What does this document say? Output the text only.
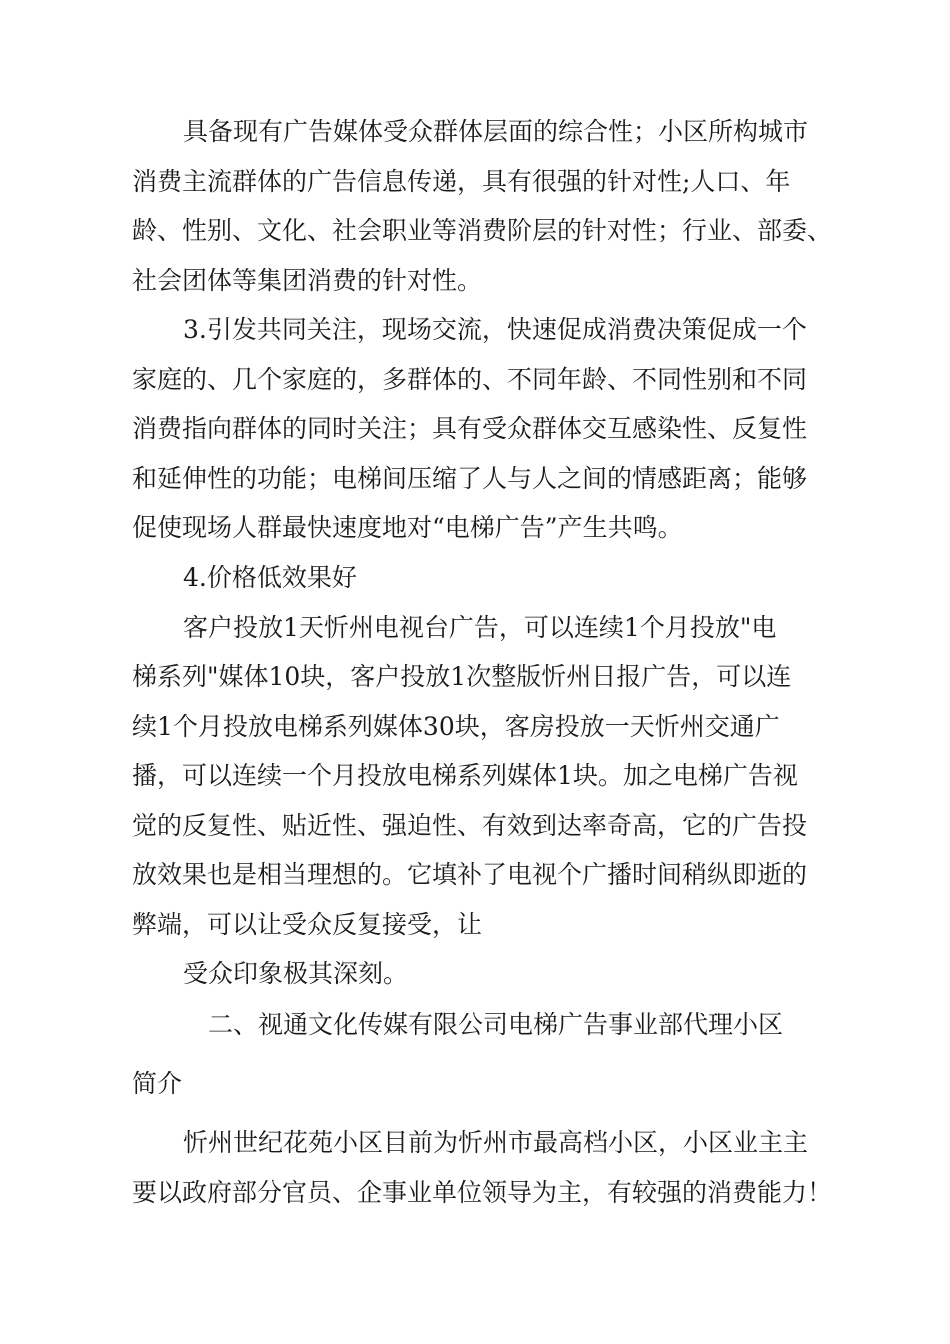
具备现有广告媒体受众群体层面的综合性；小区所构城市
消费主流群体的广告信息传递，具有很强的针对性;人口、年
龄、性别、文化、社会职业等消费阶层的针对性；行业、部委、
社会团体等集团消费的针对性。
3.引发共同关注，现场交流，快速促成消费决策促成一个
家庭的、几个家庭的，多群体的、不同年龄、不同性别和不同
消费指向群体的同时关注；具有受众群体交互感染性、反复性
和延伸性的功能；电梯间压缩了人与人之间的情感距离；能够
促使现场人群最快速度地对“电梯广告”产生共鸣。
4.价格低效果好
客户投放1天忻州电视台广告，可以连续1个月投放"电
梯系列"媒体10块，客户投放1次整版忻州日报广告，可以连
续1个月投放电梯系列媒体30块，客房投放一天忻州交通广
播，可以连续一个月投放电梯系列媒体1块。加之电梯广告视
觉的反复性、贴近性、强迫性、有效到达率奇高，它的广告投
放效果也是相当理想的。它填补了电视个广播时间稍纵即逝的
弊端，可以让受众反复接受，让
受众印象极其深刻。
二、视通文化传媒有限公司电梯广告事业部代理小区
简介
忻州世纪花苑小区目前为忻州市最高档小区，小区业主主
要以政府部分官员、企事业单位领导为主，有较强的消费能力！
